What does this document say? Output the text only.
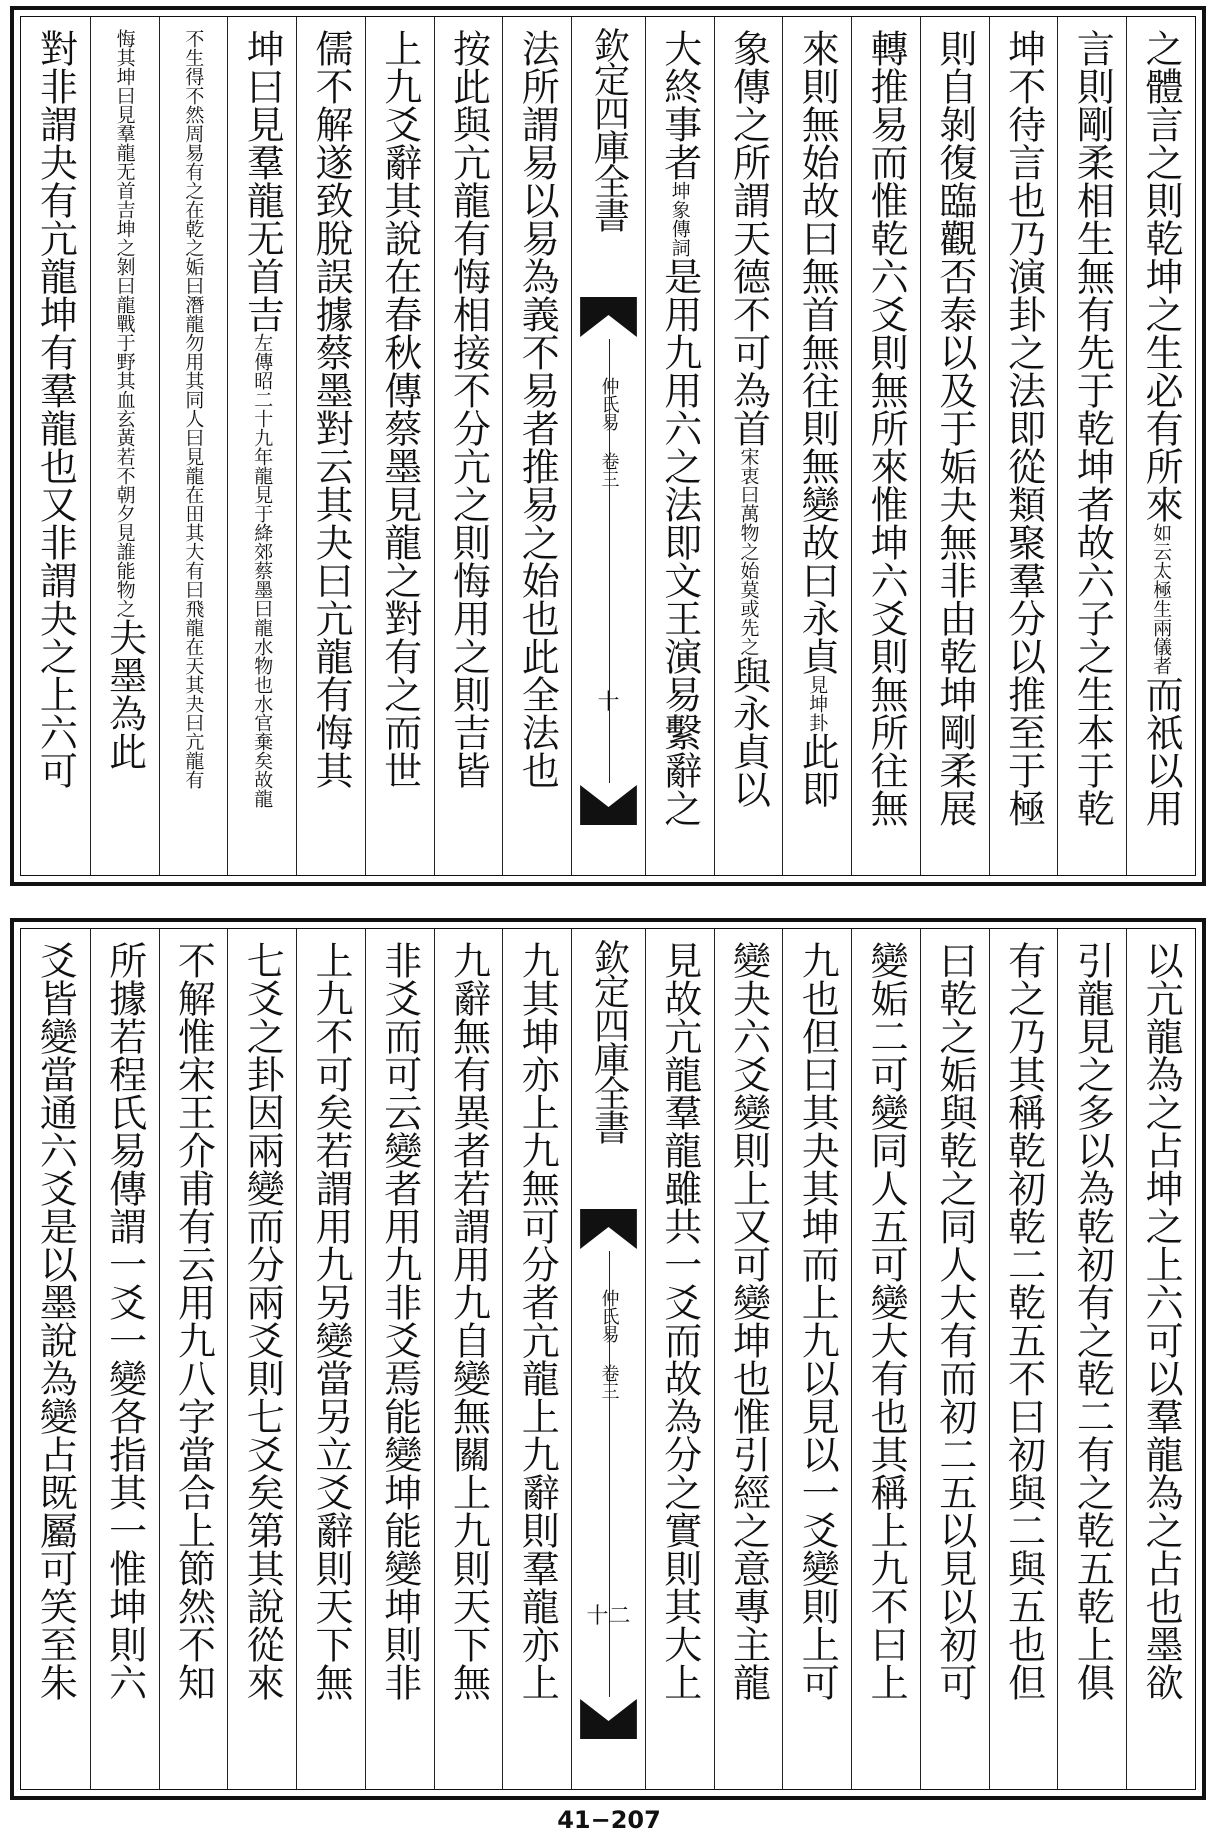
之體言之則乾坤之生必有所來如云太極生兩儀者而祇以用
言則剛柔相生無有先于乾坤者故六子之生本于乾
坤不待言也乃演卦之法即從類聚羣分以推至于極
則自剝復臨觀否泰以及于姤夬無非由乾坤剛柔展
轉推易而惟乾六爻則無所來惟坤六爻則無所往無
來則無始故曰無首無往則無變故曰永貞見坤卦此即
象傳之所謂天德不可為首宋衷曰萬物之始莫或先之與永貞以
大終事者坤象傳詞是用九用六之法即文王演易繫辭之
欽定四庫全書
仲氏易 卷三
十
法所謂易以易為義不易者推易之始也此全法也
按此與亢龍有悔相接不分亢之則悔用之則吉皆
上九爻辭其說在春秋傳蔡墨見龍之對有之而世
儒不解遂致脫誤據蔡墨對云其夬曰亢龍有悔其
坤曰見羣龍无首吉左傳昭二十九年龍見于絳郊蔡墨曰龍水物也水官棄矣故龍
不生得不然周易有之在乾之姤曰潛龍勿用其同人曰見龍在田其大有曰飛龍在天其夬曰亢龍有
悔其坤曰見羣龍无首吉坤之剝曰龍戰于野其血玄黃若不朝夕見誰能物之夫墨為此
對非謂夬有亢龍坤有羣龍也又非謂夬之上六可
以亢龍為之占坤之上六可以羣龍為之占也墨欲
引龍見之多以為乾初有之乾二有之乾五乾上俱
有之乃其稱乾初乾二乾五不曰初與二與五也但
曰乾之姤與乾之同人大有而初二五以見以初可
變姤二可變同人五可變大有也其稱上九不曰上
九也但曰其夬其坤而上九以見以一爻變則上可
變夬六爻變則上又可變坤也惟引經之意專主龍
見故亢龍羣龍雖共一爻而故為分之實則其大上
欽定四庫全書
仲氏易 卷三
十二
九其坤亦上九無可分者亢龍上九辭則羣龍亦上
九辭無有異者若謂用九自變無關上九則天下無
非爻而可云變者用九非爻焉能變坤能變坤則非
上九不可矣若謂用九另變當另立爻辭則天下無
七爻之卦因兩變而分兩爻則七爻矣第其說從來
不解惟宋王介甫有云用九八字當合上節然不知
所據若程氏易傳謂一爻一變各指其一惟坤則六
爻皆變當通六爻是以墨說為變占既屬可笑至朱
41−207
